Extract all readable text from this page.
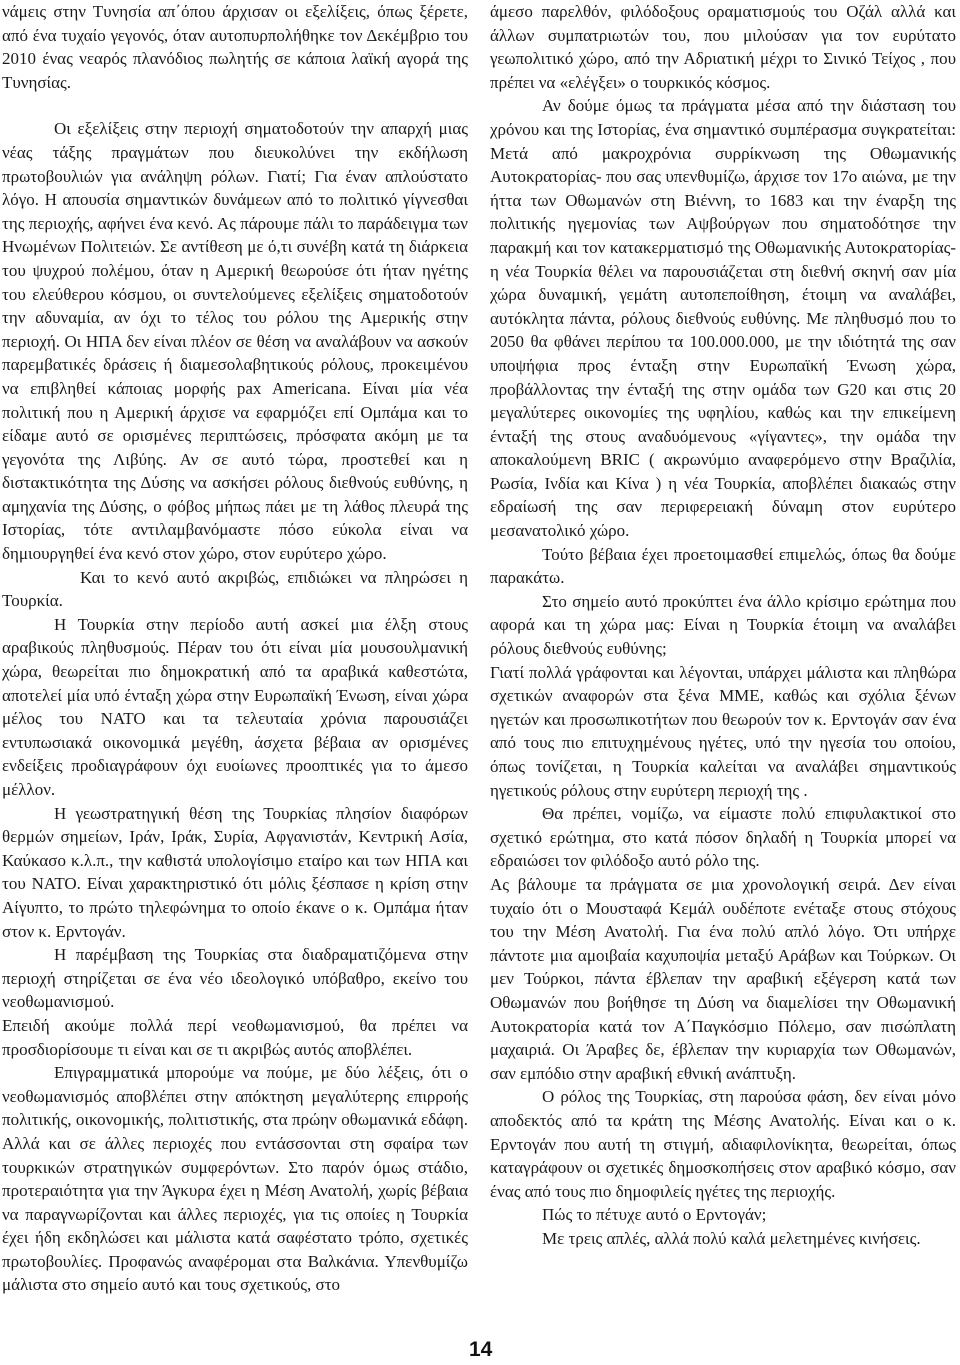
νάμεις στην Τυνησία απ΄όπου άρχισαν οι εξελίξεις, όπως ξέρετε, από ένα τυχαίο γεγονός, όταν αυτοπυρπολήθηκε τον Δεκέμβριο του 2010 ένας νεαρός πλανόδιος πωλητής σε κάποια λαϊκή αγορά της Τυνησίας.

Οι εξελίξεις στην περιοχή σηματοδοτούν την απαρχή μιας νέας τάξης πραγμάτων που διευκολύνει την εκδήλωση πρωτοβουλιών για ανάληψη ρόλων. Γιατί; Για έναν απλούστατο λόγο. Η απουσία σημαντικών δυνάμεων από το πολιτικό γίγνεσθαι της περιοχής, αφήνει ένα κενό. Ας πάρουμε πάλι το παράδειγμα των Ηνωμένων Πολιτειών. Σε αντίθεση με ό,τι συνέβη κατά τη διάρκεια του ψυχρού πολέμου, όταν η Αμερική θεωρούσε ότι ήταν ηγέτης του ελεύθερου κόσμου, οι συντελούμενες εξελίξεις σηματοδοτούν την αδυναμία, αν όχι το τέλος του ρόλου της Αμερικής στην περιοχή. Οι ΗΠΑ δεν είναι πλέον σε θέση να αναλάβουν να ασκούν παρεμβατικές δράσεις ή διαμεσολαβητικούς ρόλους, προκειμένου να επιβληθεί κάποιας μορφής pax Americana. Είναι μία νέα πολιτική που η Αμερική άρχισε να εφαρμόζει επί Ομπάμα και το είδαμε αυτό σε ορισμένες περιπτώσεις, πρόσφατα ακόμη με τα γεγονότα της Λιβύης. Αν σε αυτό τώρα, προστεθεί και η διστακτικότητα της Δύσης να ασκήσει ρόλους διεθνούς ευθύνης, η αμηχανία της Δύσης, ο φόβος μήπως πάει με τη λάθος πλευρά της Ιστορίας, τότε αντιλαμβανόμαστε πόσο εύκολα είναι να δημιουργηθεί ένα κενό στον χώρο, στον ευρύτερο χώρο.

Και το κενό αυτό ακριβώς, επιδιώκει να πληρώσει η Τουρκία.

Η Τουρκία στην περίοδο αυτή ασκεί μια έλξη στους αραβικούς πληθυσμούς. Πέραν του ότι είναι μία μουσουλμανική χώρα, θεωρείται πιο δημοκρατική από τα αραβικά καθεστώτα, αποτελεί μία υπό ένταξη χώρα στην Ευρωπαϊκή Ένωση, είναι χώρα μέλος του ΝΑΤΟ και τα τελευταία χρόνια παρουσιάζει εντυπωσιακά οικονομικά μεγέθη, άσχετα βέβαια αν ορισμένες ενδείξεις προδιαγράφουν όχι ευοίωνες προοπτικές για το άμεσο μέλλον.

Η γεωστρατηγική θέση της Τουρκίας πλησίον διαφόρων θερμών σημείων, Ιράν, Ιράκ, Συρία, Αφγανιστάν, Κεντρική Ασία, Καύκασο κ.λ.π., την καθιστά υπολογίσιμο εταίρο και των ΗΠΑ και του ΝΑΤΟ. Είναι χαρακτηριστικό ότι μόλις ξέσπασε η κρίση στην Αίγυπτο, το πρώτο τηλεφώνημα το οποίο έκανε ο κ. Ομπάμα ήταν στον κ. Ερντογάν.

Η παρέμβαση της Τουρκίας στα διαδραματιζόμενα στην περιοχή στηρίζεται σε ένα νέο ιδεολογικό υπόβαθρο, εκείνο του νεοθωμανισμού.

Επειδή ακούμε πολλά περί νεοθωμανισμού, θα πρέπει να προσδιορίσουμε τι είναι και σε τι ακριβώς αυτός αποβλέπει.

Επιγραμματικά μπορούμε να πούμε, με δύο λέξεις, ότι ο νεοθωμανισμός αποβλέπει στην απόκτηση μεγαλύτερης επιρροής πολιτικής, οικονομικής, πολιτιστικής, στα πρώην οθωμανικά εδάφη. Αλλά και σε άλλες περιοχές που εντάσσονται στη σφαίρα των τουρκικών στρατηγικών συμφερόντων. Στο παρόν όμως στάδιο, προτεραιότητα για την Άγκυρα έχει η Μέση Ανατολή, χωρίς βέβαια να παραγνωρίζονται και άλλες περιοχές, για τις οποίες η Τουρκία έχει ήδη εκδηλώσει και μάλιστα κατά σαφέστατο τρόπο, σχετικές πρωτοβουλίες. Προφανώς αναφέρομαι στα Βαλκάνια. Υπενθυμίζω μάλιστα στο σημείο αυτό και τους σχετικούς, στο

άμεσο παρελθόν, φιλόδοξους οραματισμούς του Οζάλ αλλά και άλλων συμπατριωτών του, που μιλούσαν για τον ευρύτατο γεωπολιτικό χώρο, από την Αδριατική μέχρι το Σινικό Τείχος , που πρέπει να «ελέγξει» ο τουρκικός κόσμος.

Αν δούμε όμως τα πράγματα μέσα από την διάσταση του χρόνου και της Ιστορίας, ένα σημαντικό συμπέρασμα συγκρατείται: Μετά από μακροχρόνια συρρίκνωση της Οθωμανικής Αυτοκρατορίας- που σας υπενθυμίζω, άρχισε τον 17ο αιώνα, με την ήττα των Οθωμανών στη Βιέννη, το 1683 και την έναρξη της πολιτικής ηγεμονίας των Αψβούργων που σηματοδότησε την παρακμή και τον κατακερματισμό της Οθωμανικής Αυτοκρατορίας- η νέα Τουρκία θέλει να παρουσιάζεται στη διεθνή σκηνή σαν μία χώρα δυναμική, γεμάτη αυτοπεποίθηση, έτοιμη να αναλάβει, αυτόκλητα πάντα, ρόλους διεθνούς ευθύνης. Με πληθυσμό που το 2050 θα φθάνει περίπου τα 100.000.000, με την ιδιότητά της σαν υποψήφια προς ένταξη στην Ευρωπαϊκή Ένωση χώρα, προβάλλοντας την ένταξή της στην ομάδα των G20 και στις 20 μεγαλύτερες οικονομίες της υφηλίου, καθώς και την επικείμενη ένταξή της στους αναδυόμενους «γίγαντες», την ομάδα την αποκαλούμενη BRIC ( ακρωνύμιο αναφερόμενο στην Βραζιλία, Ρωσία, Ινδία και Κίνα ) η νέα Τουρκία, αποβλέπει διακαώς στην εδραίωσή της σαν περιφερειακή δύναμη στον ευρύτερο μεσανατολικό χώρο.

Τούτο βέβαια έχει προετοιμασθεί επιμελώς, όπως θα δούμε παρακάτω.

Στο σημείο αυτό προκύπτει ένα άλλο κρίσιμο ερώτημα που αφορά και τη χώρα μας: Είναι η Τουρκία έτοιμη να αναλάβει ρόλους διεθνούς ευθύνης;

Γιατί πολλά γράφονται και λέγονται, υπάρχει μάλιστα και πληθώρα σχετικών αναφορών στα ξένα ΜΜΕ, καθώς και σχόλια ξένων ηγετών και προσωπικοτήτων που θεωρούν τον κ. Ερντογάν σαν ένα από τους πιο επιτυχημένους ηγέτες, υπό την ηγεσία του οποίου, όπως τονίζεται, η Τουρκία καλείται να αναλάβει σημαντικούς ηγετικούς ρόλους στην ευρύτερη περιοχή της .

Θα πρέπει, νομίζω, να είμαστε πολύ επιφυλακτικοί στο σχετικό ερώτημα, στο κατά πόσον δηλαδή η Τουρκία μπορεί να εδραιώσει τον φιλόδοξο αυτό ρόλο της.

Ας βάλουμε τα πράγματα σε μια χρονολογική σειρά. Δεν είναι τυχαίο ότι ο Μουσταφά Κεμάλ ουδέποτε ενέταξε στους στόχους του την Μέση Ανατολή. Για ένα πολύ απλό λόγο. Ότι υπήρχε πάντοτε μια αμοιβαία καχυποψία μεταξύ Αράβων και Τούρκων. Οι μεν Τούρκοι, πάντα έβλεπαν την αραβική εξέγερση κατά των Οθωμανών που βοήθησε τη Δύση να διαμελίσει την Οθωμανική Αυτοκρατορία κατά τον Α΄Παγκόσμιο Πόλεμο, σαν πισώπλατη μαχαιριά. Οι Άραβες δε, έβλεπαν την κυριαρχία των Οθωμανών, σαν εμπόδιο στην αραβική εθνική ανάπτυξη.

Ο ρόλος της Τουρκίας, στη παρούσα φάση, δεν είναι μόνο αποδεκτός από τα κράτη της Μέσης Ανατολής. Είναι και ο κ. Ερντογάν που αυτή τη στιγμή, αδιαφιλονίκητα, θεωρείται, όπως καταγράφουν οι σχετικές δημοσκοπήσεις στον αραβικό κόσμο, σαν ένας από τους πιο δημοφιλείς ηγέτες της περιοχής.

Πώς το πέτυχε αυτό ο Ερντογάν;

Με τρεις απλές, αλλά πολύ καλά μελετημένες κινήσεις.

14
